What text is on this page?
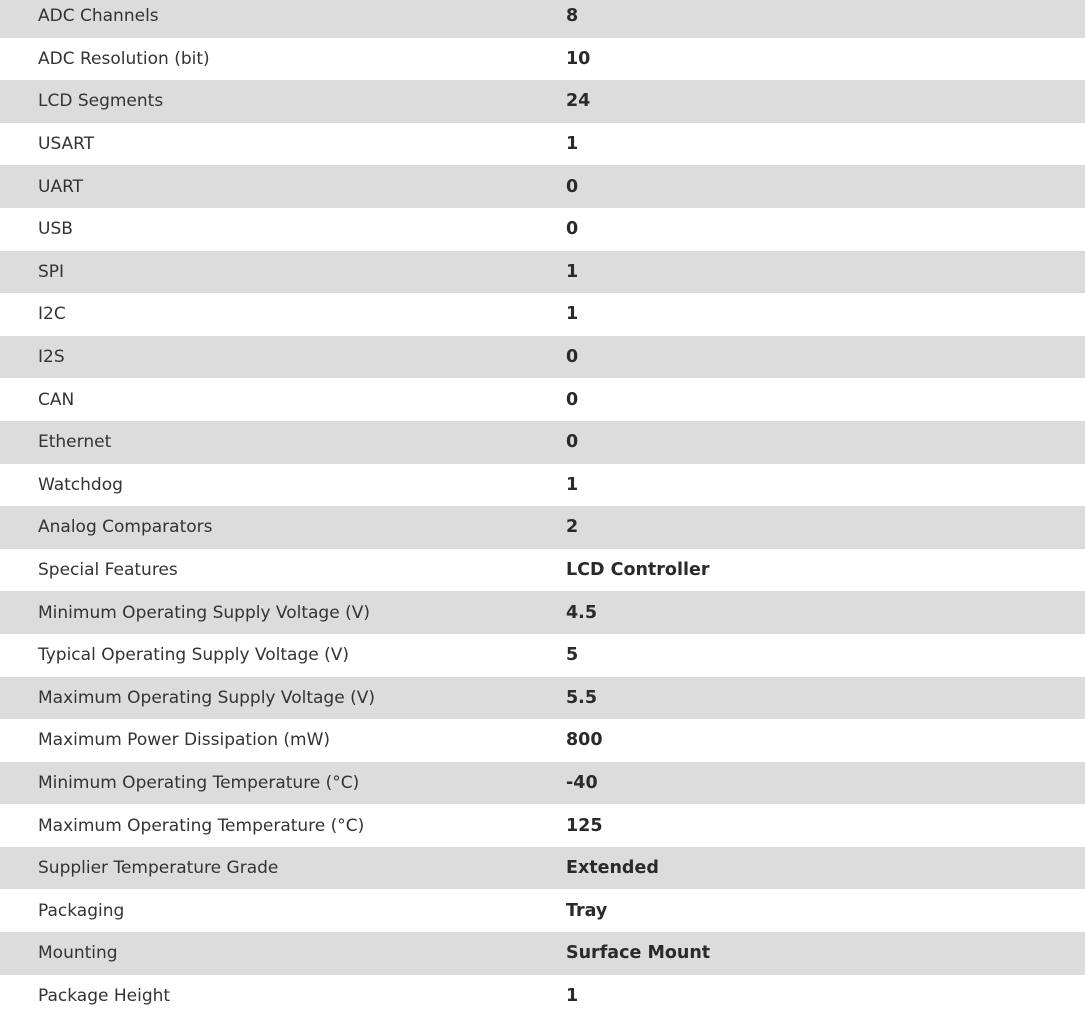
ADC Channels	8
ADC Resolution (bit)	10
LCD Segments	24
USART	1
UART	0
USB	0
SPI	1
I2C	1
I2S	0
CAN	0
Ethernet	0
Watchdog	1
Analog Comparators	2
Special Features	LCD Controller
Minimum Operating Supply Voltage (V)	4.5
Typical Operating Supply Voltage (V)	5
Maximum Operating Supply Voltage (V)	5.5
Maximum Power Dissipation (mW)	800
Minimum Operating Temperature (°C)	-40
Maximum Operating Temperature (°C)	125
Supplier Temperature Grade	Extended
Packaging	Tray
Mounting	Surface Mount
Package Height	1
